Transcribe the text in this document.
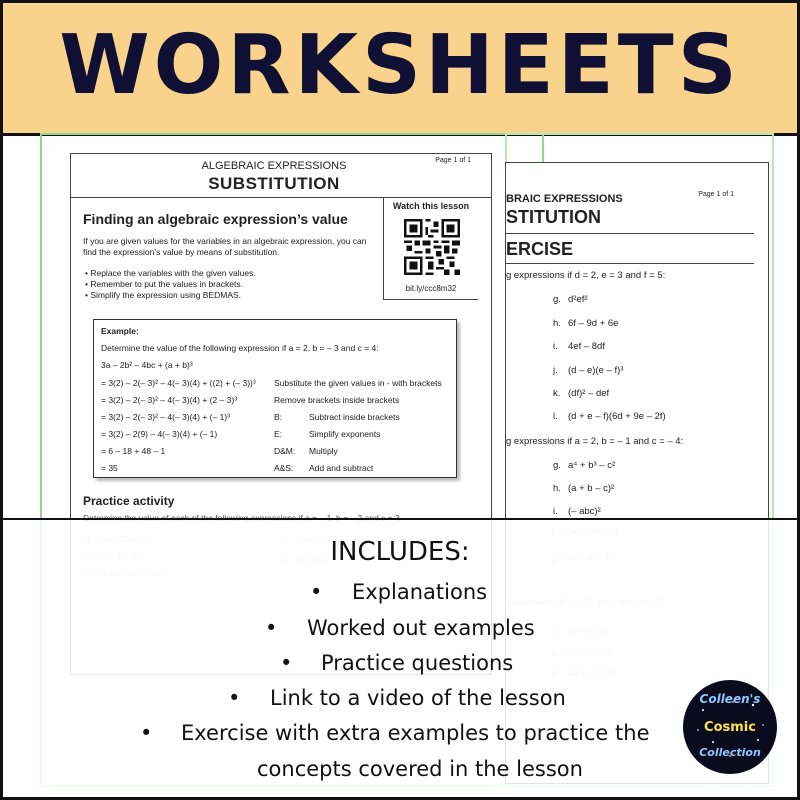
WORKSHEETS
Page 1 of 1
BRAIC EXPRESSIONS
STITUTION
ERCISE
g expressions if d = 2, e = 3 and f = 5:
g. d²ef²
h. 6f – 9d + 6e
i. 4ef – 8df
j. (d – e)(e – f)³
k. (df)² – def
l. (d + e – f)(6d + 9e – 2f)
g expressions if a = 2, b = – 1 and c = – 4:
g. a⁴ + b³ – c²
h. (a + b – c)²
i. (– abc)²
Page 1 of 1
ALGEBRAIC EXPRESSIONS
SUBSTITUTION
Watch this lesson
bit.ly/ccc8m32
Finding an algebraic expression’s value
If you are given values for the variables in an algebraic expression, you can
find the expression’s value by means of substitution.
• Replace the variables with the given values.
• Remember to put the values in brackets.
• Simplify the expression using BEDMAS.
Example:
Determine the value of the following expression if a = 2, b = – 3 and c = 4:
3a – 2b² – 4bc + (a + b)³
= 3(2) – 2(– 3)² – 4(– 3)(4) + ((2) + (– 3))³ Substitute the given values in - with brackets
= 3(2) – 2(– 3)² – 4(– 3)(4) + (2 – 3)³	Remove brackets inside brackets
= 3(2) – 2(– 3)² – 4(– 3)(4) + (– 1)³	B:	Subtract inside brackets
= 3(2) – 2(9) – 4(– 3)(4) + (– 1)	E:	Simplify exponents
= 6 – 18 + 48 – 1	D&M: Multiply
= 35	A&S: Add and subtract
Practice activity
INCLUDES:
• Explanations
• Worked out examples
• Practice questions
• Link to a video of the lesson
• Exercise with extra examples to practice the
concepts covered in the lesson
Colleen's
Cosmic
Collection
